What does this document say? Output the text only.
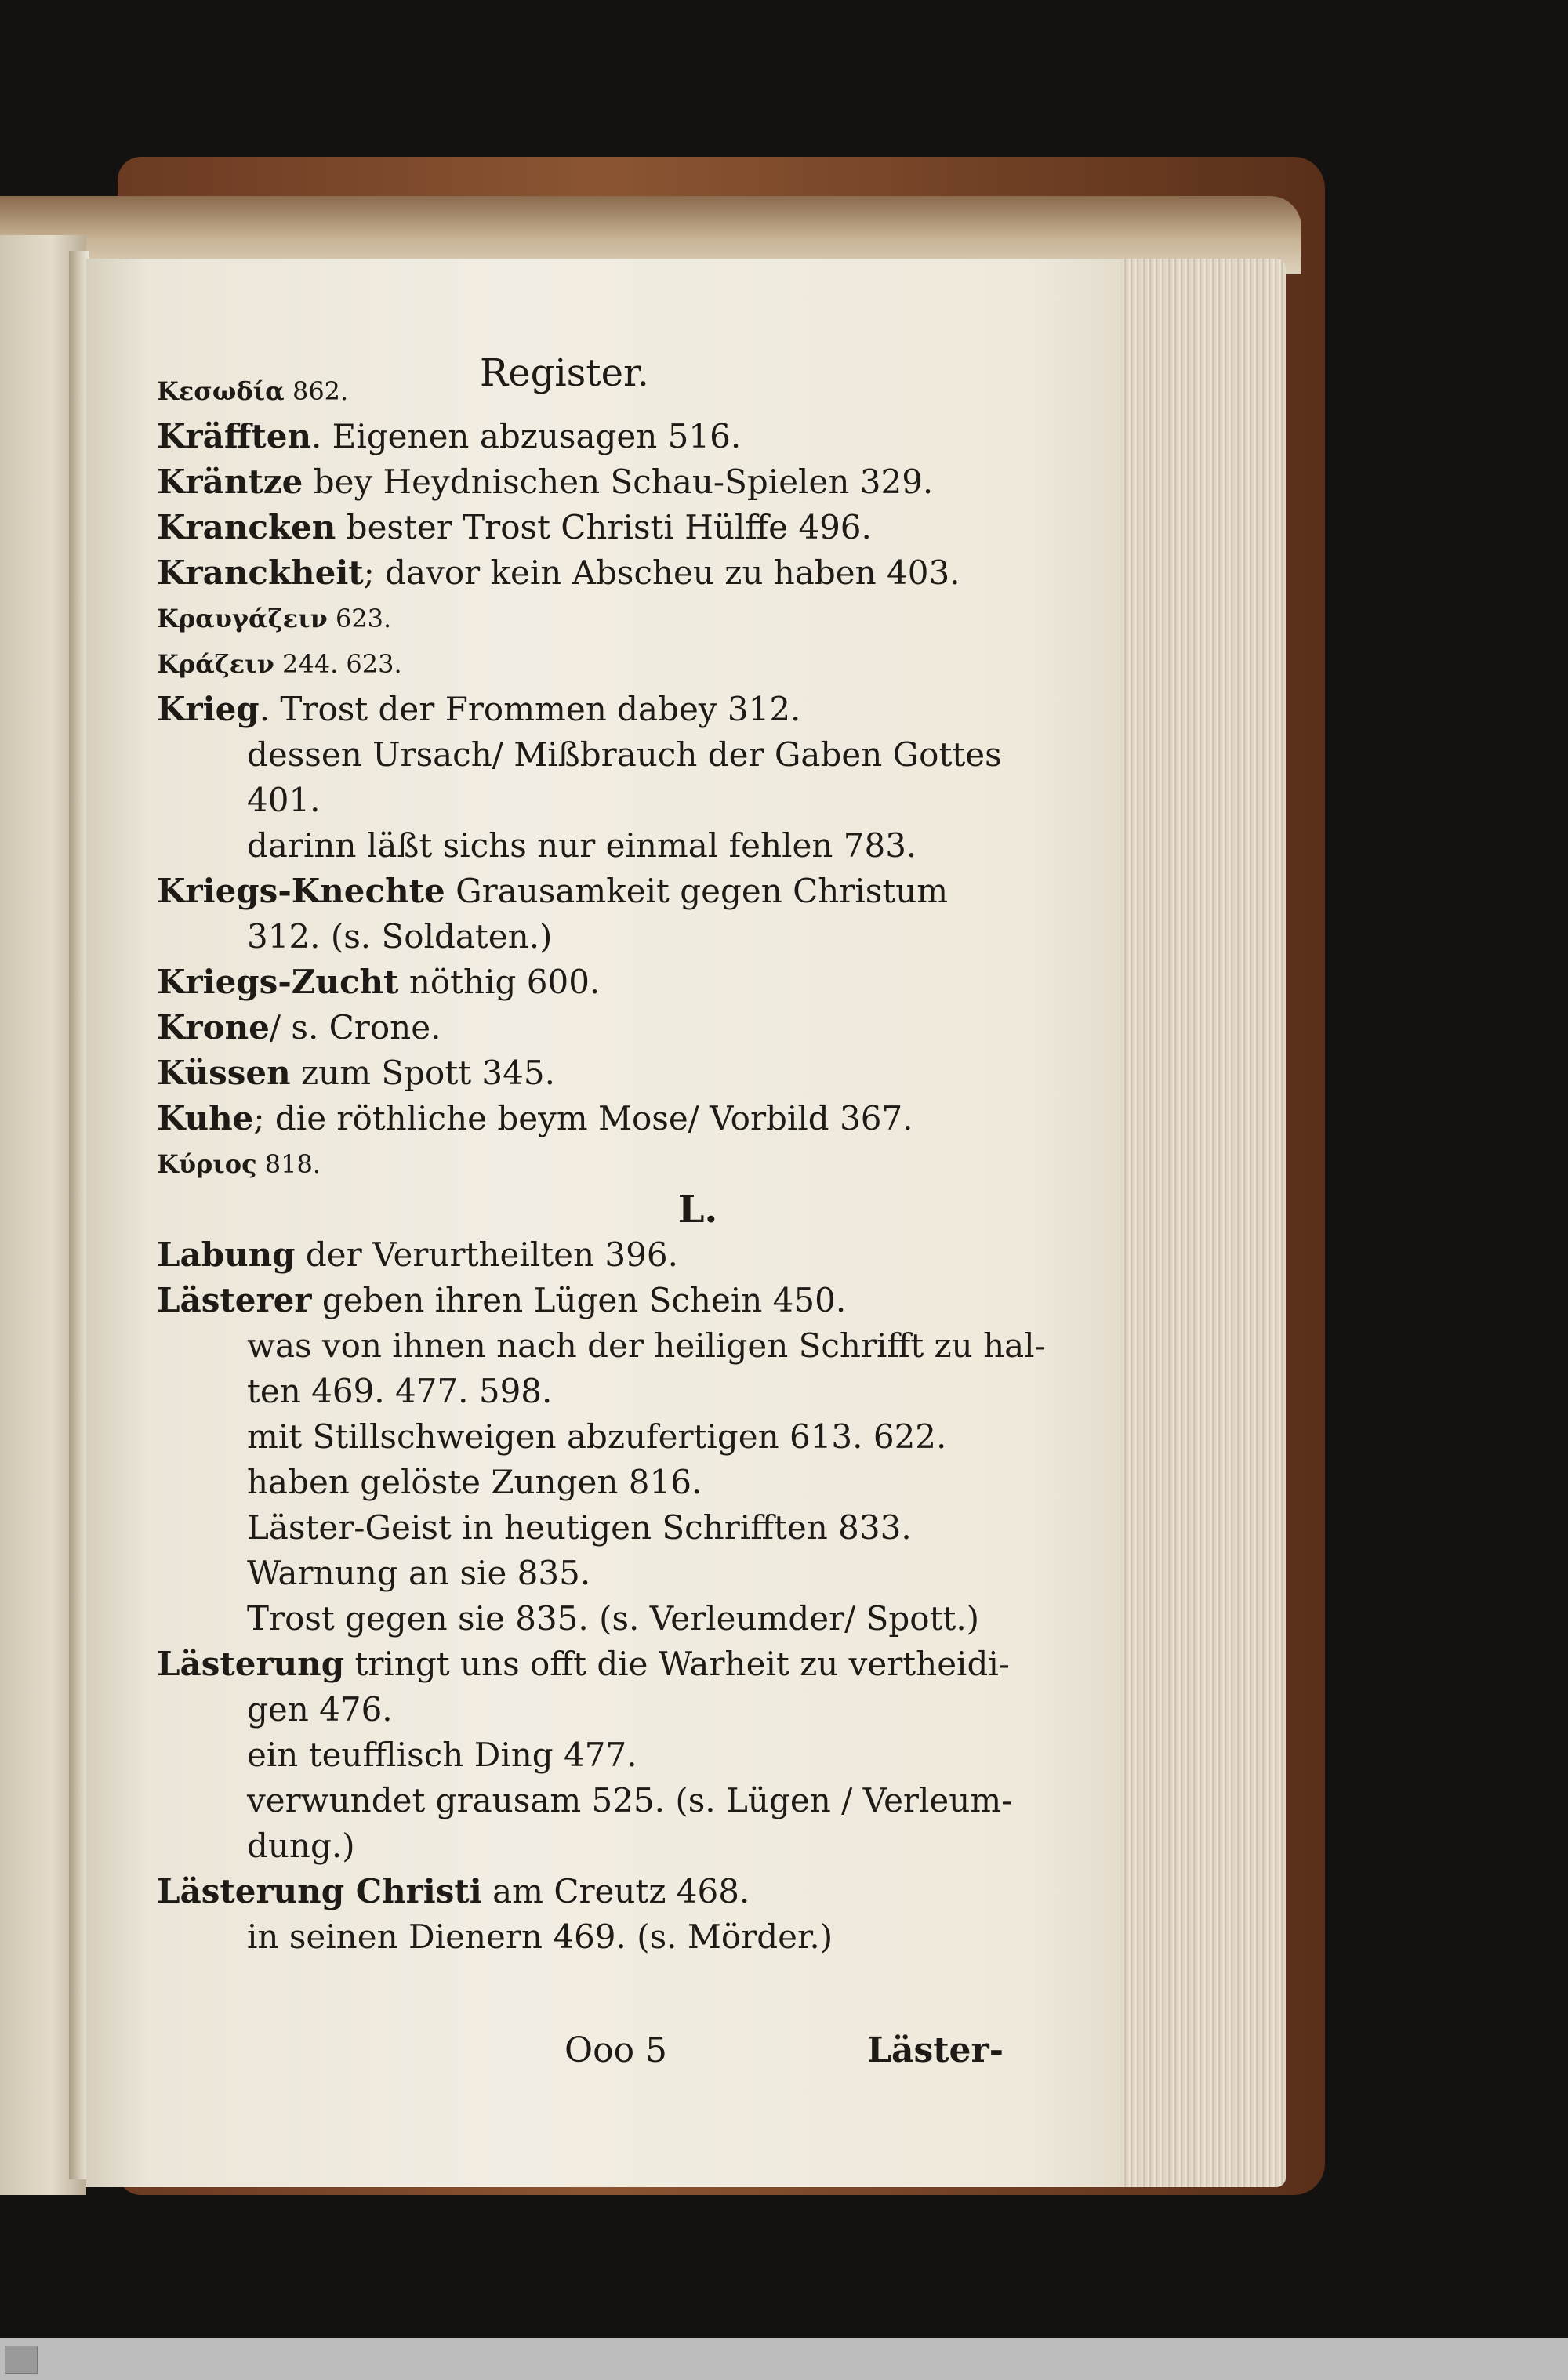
Register.
Κεσωδία 862.
Kräfften. Eigenen abzusagen 516.
Kräntze bey Heydnischen Schau-Spielen 329.
Krancken bester Trost Christi Hülffe 496.
Kranckheit; davor kein Abscheu zu haben 403.
Κραυγάζειν 623.
Κράζειν 244. 623.
Krieg. Trost der Frommen dabey 312.
dessen Ursach/ Mißbrauch der Gaben Gottes
401.
darinn läßt sichs nur einmal fehlen 783.
Kriegs-Knechte Grausamkeit gegen Christum
312. (s. Soldaten.)
Kriegs-Zucht nöthig 600.
Krone/ s. Crone.
Küssen zum Spott 345.
Kuhe; die röthliche beym Mose/ Vorbild 367.
Κύριος 818.
L.
Labung der Verurtheilten 396.
Lästerer geben ihren Lügen Schein 450.
was von ihnen nach der heiligen Schrifft zu hal-
ten 469. 477. 598.
mit Stillschweigen abzufertigen 613. 622.
haben gelöste Zungen 816.
Läster-Geist in heutigen Schrifften 833.
Warnung an sie 835.
Trost gegen sie 835. (s. Verleumder/ Spott.)
Lästerung tringt uns offt die Warheit zu vertheidi-
gen 476.
ein teufflisch Ding 477.
verwundet grausam 525. (s. Lügen / Verleum-
dung.)
Lästerung Christi am Creutz 468.
in seinen Dienern 469. (s. Mörder.)
Ooo 5	Läster-
